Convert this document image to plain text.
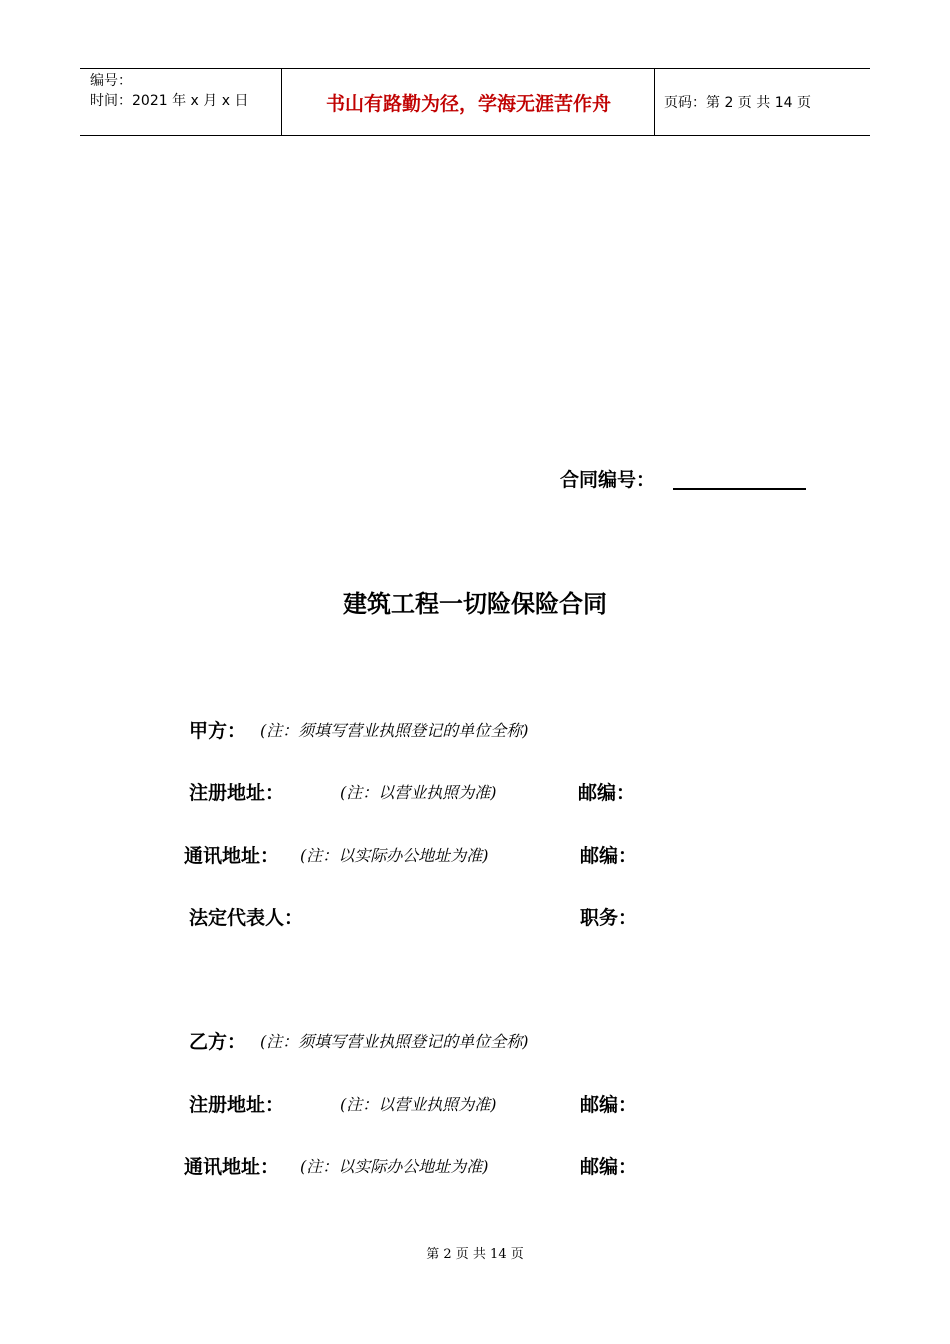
编号：
时间：2021 年 x 月 x 日	书山有路勤为径，学海无涯苦作舟	页码：第 2 页 共 14 页
合同编号：
建筑工程一切险保险合同
甲方： (注：须填写营业执照登记的单位全称)
注册地址：	(注：以营业执照为准)	邮编：
通讯地址： (注：以实际办公地址为准)	邮编：
法定代表人：	职务：
乙方： (注：须填写营业执照登记的单位全称)
注册地址：	(注：以营业执照为准)	邮编：
通讯地址： (注：以实际办公地址为准)	邮编：
第 2 页 共 14 页
